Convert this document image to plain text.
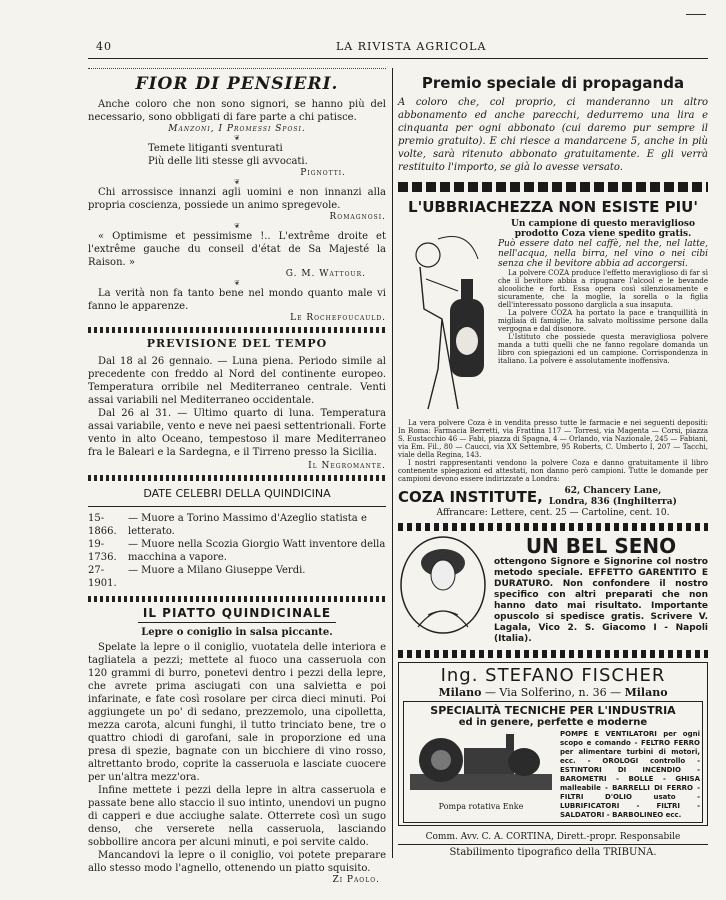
40	LA RIVISTA AGRICOLA
FIOR DI PENSIERI.

Anche coloro che non sono signori, se hanno più del necessario, sono obbligati di fare parte a chi patisce.

Manzoni, I Promessi Sposi.
❦

Temete litiganti sventurati

Più delle liti stesse gli avvocati.

Pignotti.
❦

Chi arrossisce innanzi agli uomini e non innanzi alla propria coscienza, possiede un animo spregevole.

Romagnosi.
❦

« Optimisme et pessimisme !.. L'extrême droite et l'extrême gauche du conseil d'état de Sa Majesté la Raison. »

G. M. Wattour.
❦

La verità non fa tanto bene nel mondo quanto male vi fanno le apparenze.

Le Rochefoucauld.
PREVISIONE DEL TEMPO

Dal 18 al 26 gennaio. — Luna piena. Periodo simile al precedente con freddo al Nord del continente europeo. Temperatura orribile nel Mediterraneo centrale. Venti assai variabili nel Mediterraneo occidentale.

Dal 26 al 31. — Ultimo quarto di luna. Temperatura assai variabile, vento e neve nei paesi settentrionali. Forte vento in alto Oceano, tempestoso il mare Mediterraneo fra le Baleari e la Sardegna, e il Tirreno presso la Sicilia.

Il Negromante.
DATE CELEBRI DELLA QUINDICINA
15-1866.
— Muore a Torino Massimo d'Azeglio statista e letterato.
19-1736.
— Muore nella Scozia Giorgio Watt inventore della macchina a vapore.
27-1901.
— Muore a Milano Giuseppe Verdi.
IL PIATTO QUINDICINALE
Lepre o coniglio in salsa piccante.

Spelate la lepre o il coniglio, vuotatela delle interiora e tagliatela a pezzi; mettete al fuoco una casseruola con 120 grammi di burro, ponetevi dentro i pezzi della lepre, che avrete prima asciugati con una salvietta e poi infarinate, e fate così rosolare per circa dieci minuti. Poi aggiungete un po' di sedano, prezzemolo, una cipolletta, mezza carota, alcuni funghi, il tutto trinciato bene, tre o quattro chiodi di garofani, sale in proporzione ed una presa di spezie, bagnate con un bicchiere di vino rosso, altrettanto brodo, coprite la casseruola e lasciate cuocere per un'altra mezz'ora.

Infine mettete i pezzi della lepre in altra casseruola e passate bene allo staccio il suo intinto, unendovi un pugno di capperi e due acciughe salate. Otterrete così un sugo denso, che verserete nella casseruola, lasciando sobbollire ancora per alcuni minuti, e poi servite caldo.

Mancandovi la lepre o il coniglio, voi potete preparare allo stesso modo l'agnello, ottenendo un piatto squisito.

Zi Paolo.
Premio speciale di propaganda

A coloro che, col proprio, ci manderanno un altro abbonamento ed anche parecchi, dedurremo una lira e cinquanta per ogni abbonato (cui daremo pur sempre il premio gratuito). E chi riesce a mandarcene 5, anche in più volte, sarà ritenuto abbonato gratuitamente. E gli verrà restituito l'importo, se già lo avesse versato.

L'UBBRIACHEZZA NON ESISTE PIU'

Un campione di questo meraviglioso prodotto Coza viene spedito gratis.

Può essere dato nel caffè, nel the, nel latte, nell'acqua, nella birra, nel vino o nei cibi senza che il bevitore abbia ad accorgersi.

La polvere COZA produce l'effetto meraviglioso di far sì che il bevitore abbia a ripugnare l'alcool e le bevande alcooliche e forti. Essa opera così silenziosamente e sicuramente, che la moglie, la sorella o la figlia dell'interessato possono darglicla a sua insaputa.

La polvere COZA ha portato la pace e tranquillità in migliaia di famiglie, ha salvato moltissime persone dalla vergogna e dal disonore.

L'Istituto che possiede questa meravigliosa polvere manda a tutti quelli che ne fanno regolare domanda un libro con spiegazioni ed un campione. Corrispondenza in italiano. La polvere è assolutamente inoffensiva.

La vera polvere Coza è in vendita presso tutte le farmacie e nei seguenti depositi: In Roma: Farmacia Berretti, via Frattina 117 — Torresi, via Magenta — Corsi, piazza S. Eustacchio 46 — Fabi, piazza di Spagna, 4 — Orlando, via Nazionale, 245 — Fabiani, via Em. Fil., 80 — Caucci, via XX Settembre, 95 Roberts, C. Umberto I, 207 — Tacchi, viale della Regina, 143.

I nostri rappresentanti vendono la polvere Coza e danno gratuitamente il libro contenente spiegazioni ed attestati, non danno però campioni. Tutte le domande per campioni devono essere indirizzate a Londra:

COZA INSTITUTE,	62, Chancery Lane,
Londra, 836 (Inghilterra)
Affrancare: Lettere, cent. 25 — Cartoline, cent. 10.
UN BEL SENO

ottengono Signore e Signorine col nostro metodo speciale. EFFETTO GARENTITO E DURATURO. Non confondere il nostro specifico con altri preparati che non hanno dato mai risultato. Importante opuscolo si spedisce gratis. Scrivere V. Lagala, Vico 2. S. Giacomo I - Napoli (Italia).

Ing. STEFANO FISCHER
Milano — Via Solferino, n. 36 — Milano
SPECIALITÀ TECNICHE PER L'INDUSTRIA
ed in genere, perfette e moderne
Pompa rotativa Enke

POMPE E VENTILATORI per ogni scopo e comando - FELTRO FERRO per alimentare turbini di motori, ecc. - OROLOGI controllo - ESTINTORI DI INCENDIO - BAROMETRI - BOLLE - GHISA malleabile - BARRELLI DI FERRO - FILTRI D'OLIO usato - LUBRIFICATORI - FILTRI - SALDATORI - BARBOLINEO ecc.

Comm. Avv. C. A. CORTINA, Dirett.-propr. Responsabile
Stabilimento tipografico della TRIBUNA.
